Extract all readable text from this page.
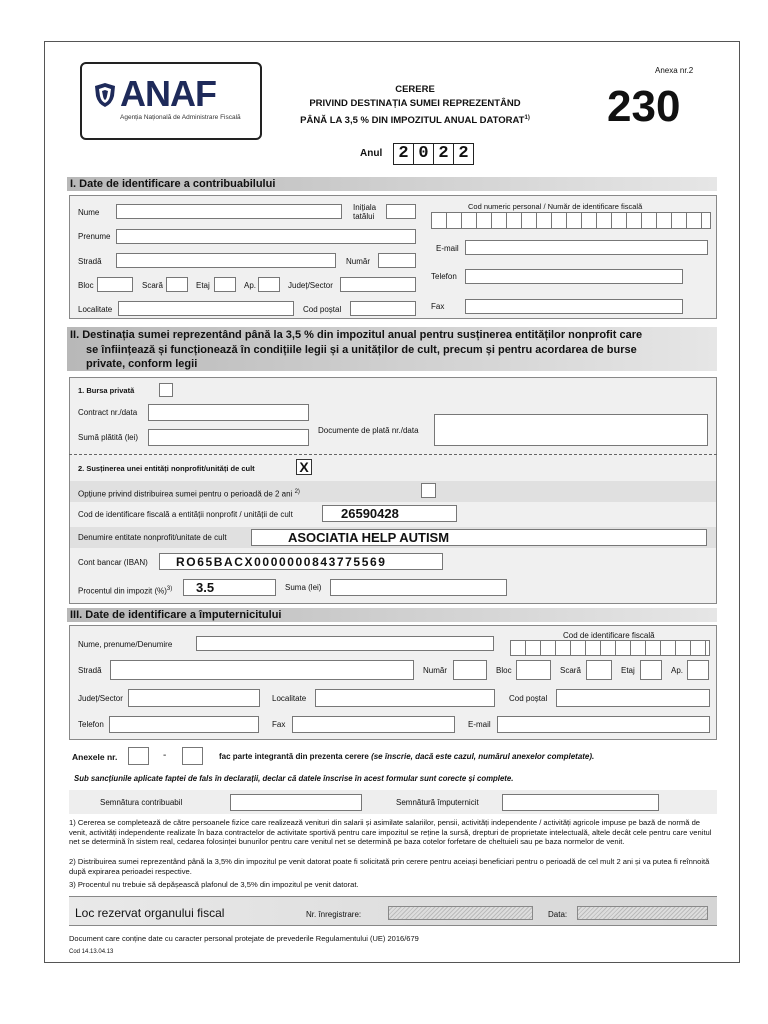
ANAF
Agenția Națională de Administrare Fiscală
CERERE
PRIVIND DESTINAȚIA SUMEI REPREZENTÂND
PÂNĂ LA 3,5 % DIN IMPOZITUL ANUAL DATORAT$^{1)}$
Anexa nr.2
230
Anul 2 0 2 2
I. Date de identificare a contribuabilului
Nume
Inițiala
tatălui
Cod numeric personal / Număr de identificare fiscală
Prenume
E-mail
Stradă	Număr
Telefon
Bloc	Scară	Etaj	Ap.	Județ/Sector
Localitate	Cod poștal	Fax
II. Destinația sumei reprezentând până la 3,5 % din impozitul anual pentru susținerea entităților nonprofit care
se înființează și funcționează în condițiile legii și a unităților de cult, precum și pentru acordarea de burse
private, conform legii
1. Bursa privată
Contract nr./data
Sumă plătită (lei)
Documente de plată nr./data
2. Susținerea unei entități nonprofit/unități de cult	X
Opțiune privind distribuirea sumei pentru o perioadă de 2 ani $^{2)}$
Cod de identificare fiscală a entității nonprofit / unității de cult	26590428
Denumire entitate nonprofit/unitate de cult	ASOCIATIA HELP AUTISM
Cont bancar (IBAN) RO65BACX0000000843775569
Procentul din impozit (%)$^{3)}$ 3.5	Suma (lei)
III. Date de identificare a împuternicitului
Nume, prenume/Denumire
Cod de identificare fiscală
Stradă	Număr	Bloc	Scară	Etaj	Ap.
Județ/Sector	Localitate	Cod poștal
Telefon	Fax	E-mail
Anexele nr.	-	fac parte integrantă din prezenta cerere (se înscrie, dacă este cazul, numărul anexelor completate).
Sub sancțiunile aplicate faptei de fals în declarații, declar că datele înscrise în acest formular sunt corecte și complete.
Semnătura contribuabil	Semnătură împuternicit
1) Cererea se completează de către persoanele fizice care realizează venituri din salarii și asimilate salariilor, pensii, activități independente / activități agricole impuse pe bază de normă de venit, activități independente realizate în baza contractelor de activitate sportivă pentru care impozitul se reține la sursă, drepturi de proprietate intelectuală, altele decât cele pentru care venitul net se determină în sistem real, cedarea folosinței bunurilor pentru care venitul net se determină pe baza cotelor forfetare de cheltuieli sau pe baza normelor de venit.
2) Distribuirea sumei reprezentând până la 3,5% din impozitul pe venit datorat poate fi solicitată prin cerere pentru aceiași beneficiari pentru o perioadă de cel mult 2 ani și va putea fi reînnoită după expirarea perioadei respective.
3) Procentul nu trebuie să depășească plafonul de 3,5% din impozitul pe venit datorat.
Loc rezervat organului fiscal	Nr. înregistrare:	Data:
Document care conține date cu caracter personal protejate de prevederile Regulamentului (UE) 2016/679
Cod 14.13.04.13
